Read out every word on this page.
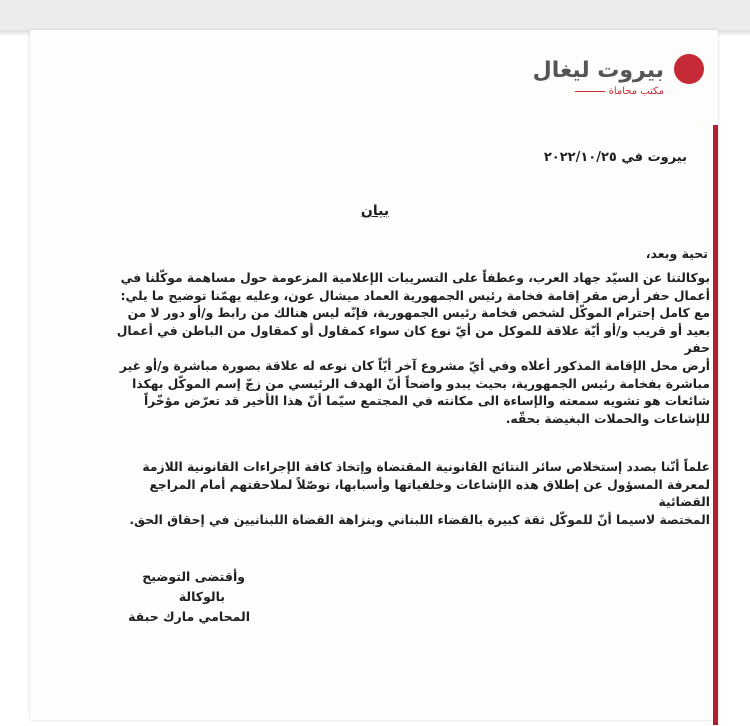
بيروت ليغال
مكتب محاماة
بيروت في ٢٠٢٢/١٠/٢٥
بيان
تحية وبعد،
بوكالتنا عن السيّد جهاد العرب، وعطفاً على التسريبات الإعلامية المزعومة حول مساهمة موكّلنا في
أعمال حفر أرض مقر إقامة فخامة رئيس الجمهورية العماد ميشال عون، وعليه يهمّنا توضيح ما يلي:
مع كامل إحترام الموكّل لشخص فخامة رئيس الجمهورية، فإنّه ليس هنالك من رابط و/أو دور لا من
بعيد أو قريب و/أو أيّة علاقة للموكل من أيّ نوع كان سواء كمقاول أو كمقاول من الباطن في أعمال حفر
أرض محل الإقامة المذكور أعلاه وفي أيّ مشروع آخر أيّاً كان نوعه له علاقة بصورة مباشرة و/أو غير
مباشرة بفخامة رئيس الجمهورية، بحيث يبدو واضحاً أنّ الهدف الرئيسي من زجّ إسم الموكّل بهكذا
شائعات هو تشويه سمعته والإساءة الى مكانته في المجتمع سيّما أنّ هذا الأخير قد تعرّض مؤخّراً
للإشاعات والحملات البغيضة بحقّه.
علماً أنّنا بصدد إستخلاص سائر النتائج القانونية المقتضاة وإتخاذ كافة الإجراءات القانونية اللازمة
لمعرفة المسؤول عن إطلاق هذه الإشاعات وخلفياتها وأسبابها، توصّلاً لملاحقتهم أمام المراجع القضائية
المختصة لاسيما أنّ للموكّل ثقة كبيرة بالقضاء اللبناني وبنزاهة القضاة اللبنانيين في إحقاق الحق.
وأقتضى التوضيح
بالوكالة
المحامي مارك حبقة
